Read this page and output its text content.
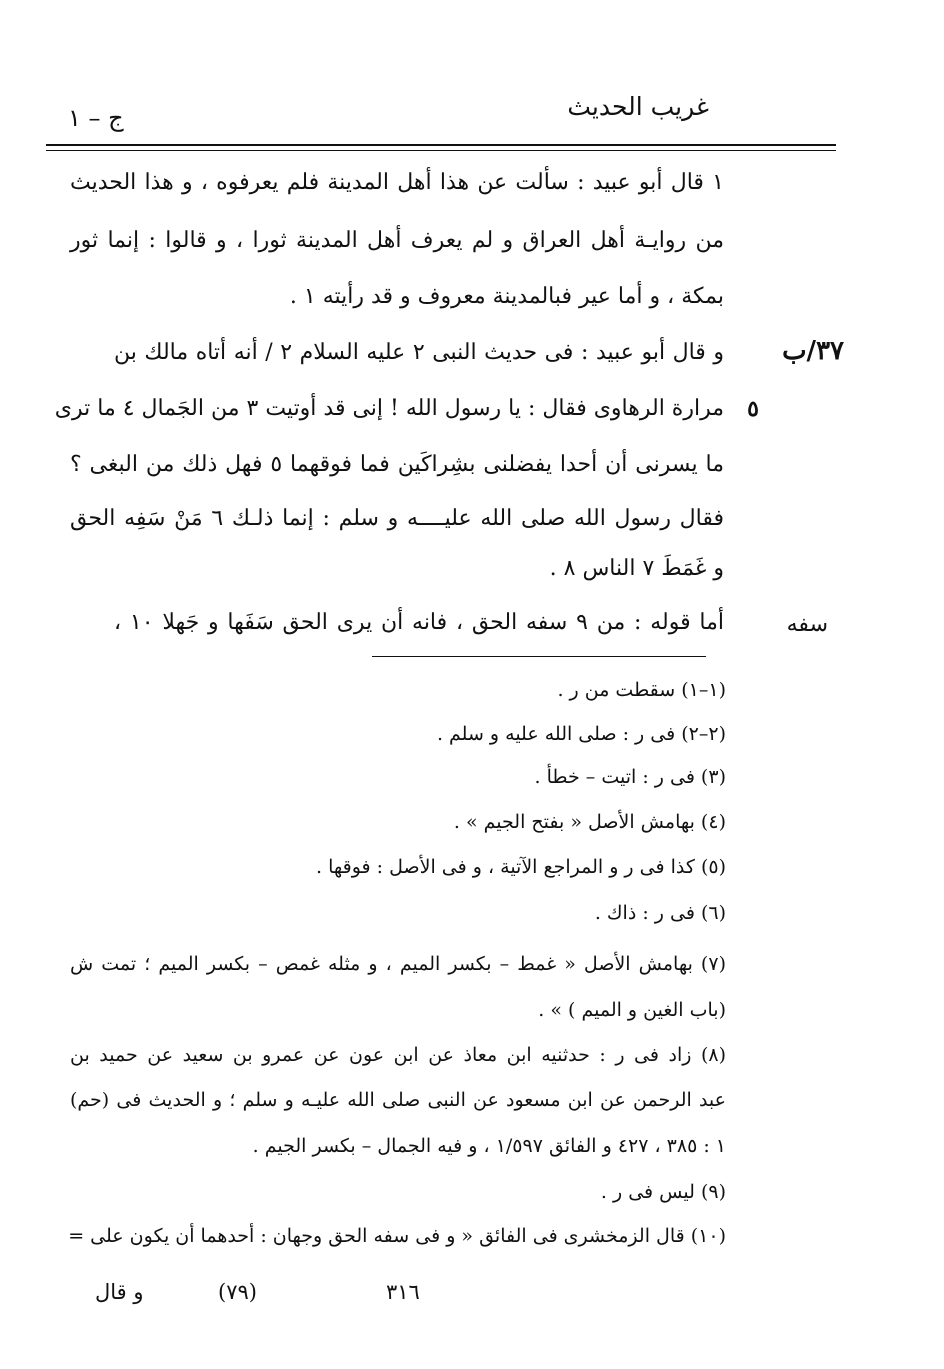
غريب الحديث
ج – ١
١ قال أبو عبيد : سألت عن هذا أهل المدينة فلم يعرفوه ، و هذا الحديث
من روايـة أهل العراق و لم يعرف أهل المدينة ثورا ، و قالوا : إنما ثور
بمكة ، و أما عير فبالمدينة معروف و قد رأيته ١ .
٣٧/ب
و قال أبو عبيد : فى حديث النبى ٢ عليه السلام ٢ / أنه أتاه مالك بن
٥
مرارة الرهاوى فقال : يا رسول الله ! إنى قد أوتيت ٣ من الجَمال ٤ ما ترى
ما يسرنى أن أحدا يفضلنى بشِراكَين فما فوقهما ٥ فهل ذلك من البغى ؟
فقال رسول الله صلى الله عليــــه و سلم : إنما ذلـك ٦ مَنْ سَفِه الحق
و غَمَطَ ٧ الناس ٨ .
سفه
أما قوله : من ٩ سفه الحق ، فانه أن يرى الحق سَفَها و جَهلا ١٠ ،
(١–١) سقطت من ر .
(٢–٢) فى ر : صلى الله عليه و سلم .
(٣) فى ر : اتيت – خطأ .
(٤) بهامش الأصل « بفتح الجيم » .
(٥) كذا فى ر و المراجع الآتية ، و فى الأصل : فوقها .
(٦) فى ر : ذاك .
(٧) بهامش الأصل « غمط – بكسر الميم ، و مثله غمص – بكسر الميم ؛ تمت ش
(باب الغين و الميم ) » .
(٨) زاد فى ر : حدثنيه ابن معاذ عن ابن عون عن عمرو بن سعيد عن حميد بن
عبد الرحمن عن ابن مسعود عن النبى صلى الله عليـه و سلم ؛ و الحديث فى (حم)
١ : ٣٨٥ ، ٤٢٧ و الفائق ١/٥٩٧ ، و فيه الجمال – بكسر الجيم .
(٩) ليس فى ر .
(١٠) قال الزمخشرى فى الفائق « و فى سفه الحق وجهان : أحدهما أن يكون على =
و قال	(٧٩)	٣١٦
